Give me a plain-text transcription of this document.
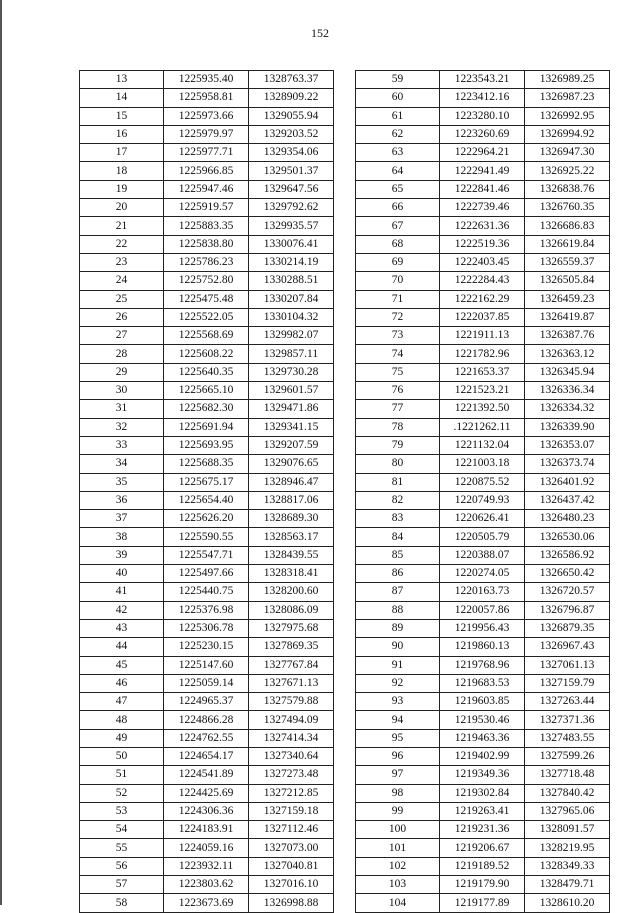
152
13	1225935.40	1328763.37
14	1225958.81	1328909.22
15	1225973.66	1329055.94
16	1225979.97	1329203.52
17	1225977.71	1329354.06
18	1225966.85	1329501.37
19	1225947.46	1329647.56
20	1225919.57	1329792.62
21	1225883.35	1329935.57
22	1225838.80	1330076.41
23	1225786.23	1330214.19
24	1225752.80	1330288.51
25	1225475.48	1330207.84
26	1225522.05	1330104.32
27	1225568.69	1329982.07
28	1225608.22	1329857.11
29	1225640.35	1329730.28
30	1225665.10	1329601.57
31	1225682.30	1329471.86
32	1225691.94	1329341.15
33	1225693.95	1329207.59
34	1225688.35	1329076.65
35	1225675.17	1328946.47
36	1225654.40	1328817.06
37	1225626.20	1328689.30
38	1225590.55	1328563.17
39	1225547.71	1328439.55
40	1225497.66	1328318.41
41	1225440.75	1328200.60
42	1225376.98	1328086.09
43	1225306.78	1327975.68
44	1225230.15	1327869.35
45	1225147.60	1327767.84
46	1225059.14	1327671.13
47	1224965.37	1327579.88
48	1224866.28	1327494.09
49	1224762.55	1327414.34
50	1224654.17	1327340.64
51	1224541.89	1327273.48
52	1224425.69	1327212.85
53	1224306.36	1327159.18
54	1224183.91	1327112.46
55	1224059.16	1327073.00
56	1223932.11	1327040.81
57	1223803.62	1327016.10
58	1223673.69	1326998.88
59	1223543.21	1326989.25
60	1223412.16	1326987.23
61	1223280.10	1326992.95
62	1223260.69	1326994.92
63	1222964.21	1326947.30
64	1222941.49	1326925.22
65	1222841.46	1326838.76
66	1222739.46	1326760.35
67	1222631.36	1326686.83
68	1222519.36	1326619.84
69	1222403.45	1326559.37
70	1222284.43	1326505.84
71	1222162.29	1326459.23
72	1222037.85	1326419.87
73	1221911.13	1326387.76
74	1221782.96	1326363.12
75	1221653.37	1326345.94
76	1221523.21	1326336.34
77	1221392.50	1326334.32
78	.1221262.11	1326339.90
79	1221132.04	1326353.07
80	1221003.18	1326373.74
81	1220875.52	1326401.92
82	1220749.93	1326437.42
83	1220626.41	1326480.23
84	1220505.79	1326530.06
85	1220388.07	1326586.92
86	1220274.05	1326650.42
87	1220163.73	1326720.57
88	1220057.86	1326796.87
89	1219956.43	1326879.35
90	1219860.13	1326967.43
91	1219768.96	1327061.13
92	1219683.53	1327159.79
93	1219603.85	1327263.44
94	1219530.46	1327371.36
95	1219463.36	1327483.55
96	1219402.99	1327599.26
97	1219349.36	1327718.48
98	1219302.84	1327840.42
99	1219263.41	1327965.06
100	1219231.36	1328091.57
101	1219206.67	1328219.95
102	1219189.52	1328349.33
103	1219179.90	1328479.71
104	1219177.89	1328610.20
